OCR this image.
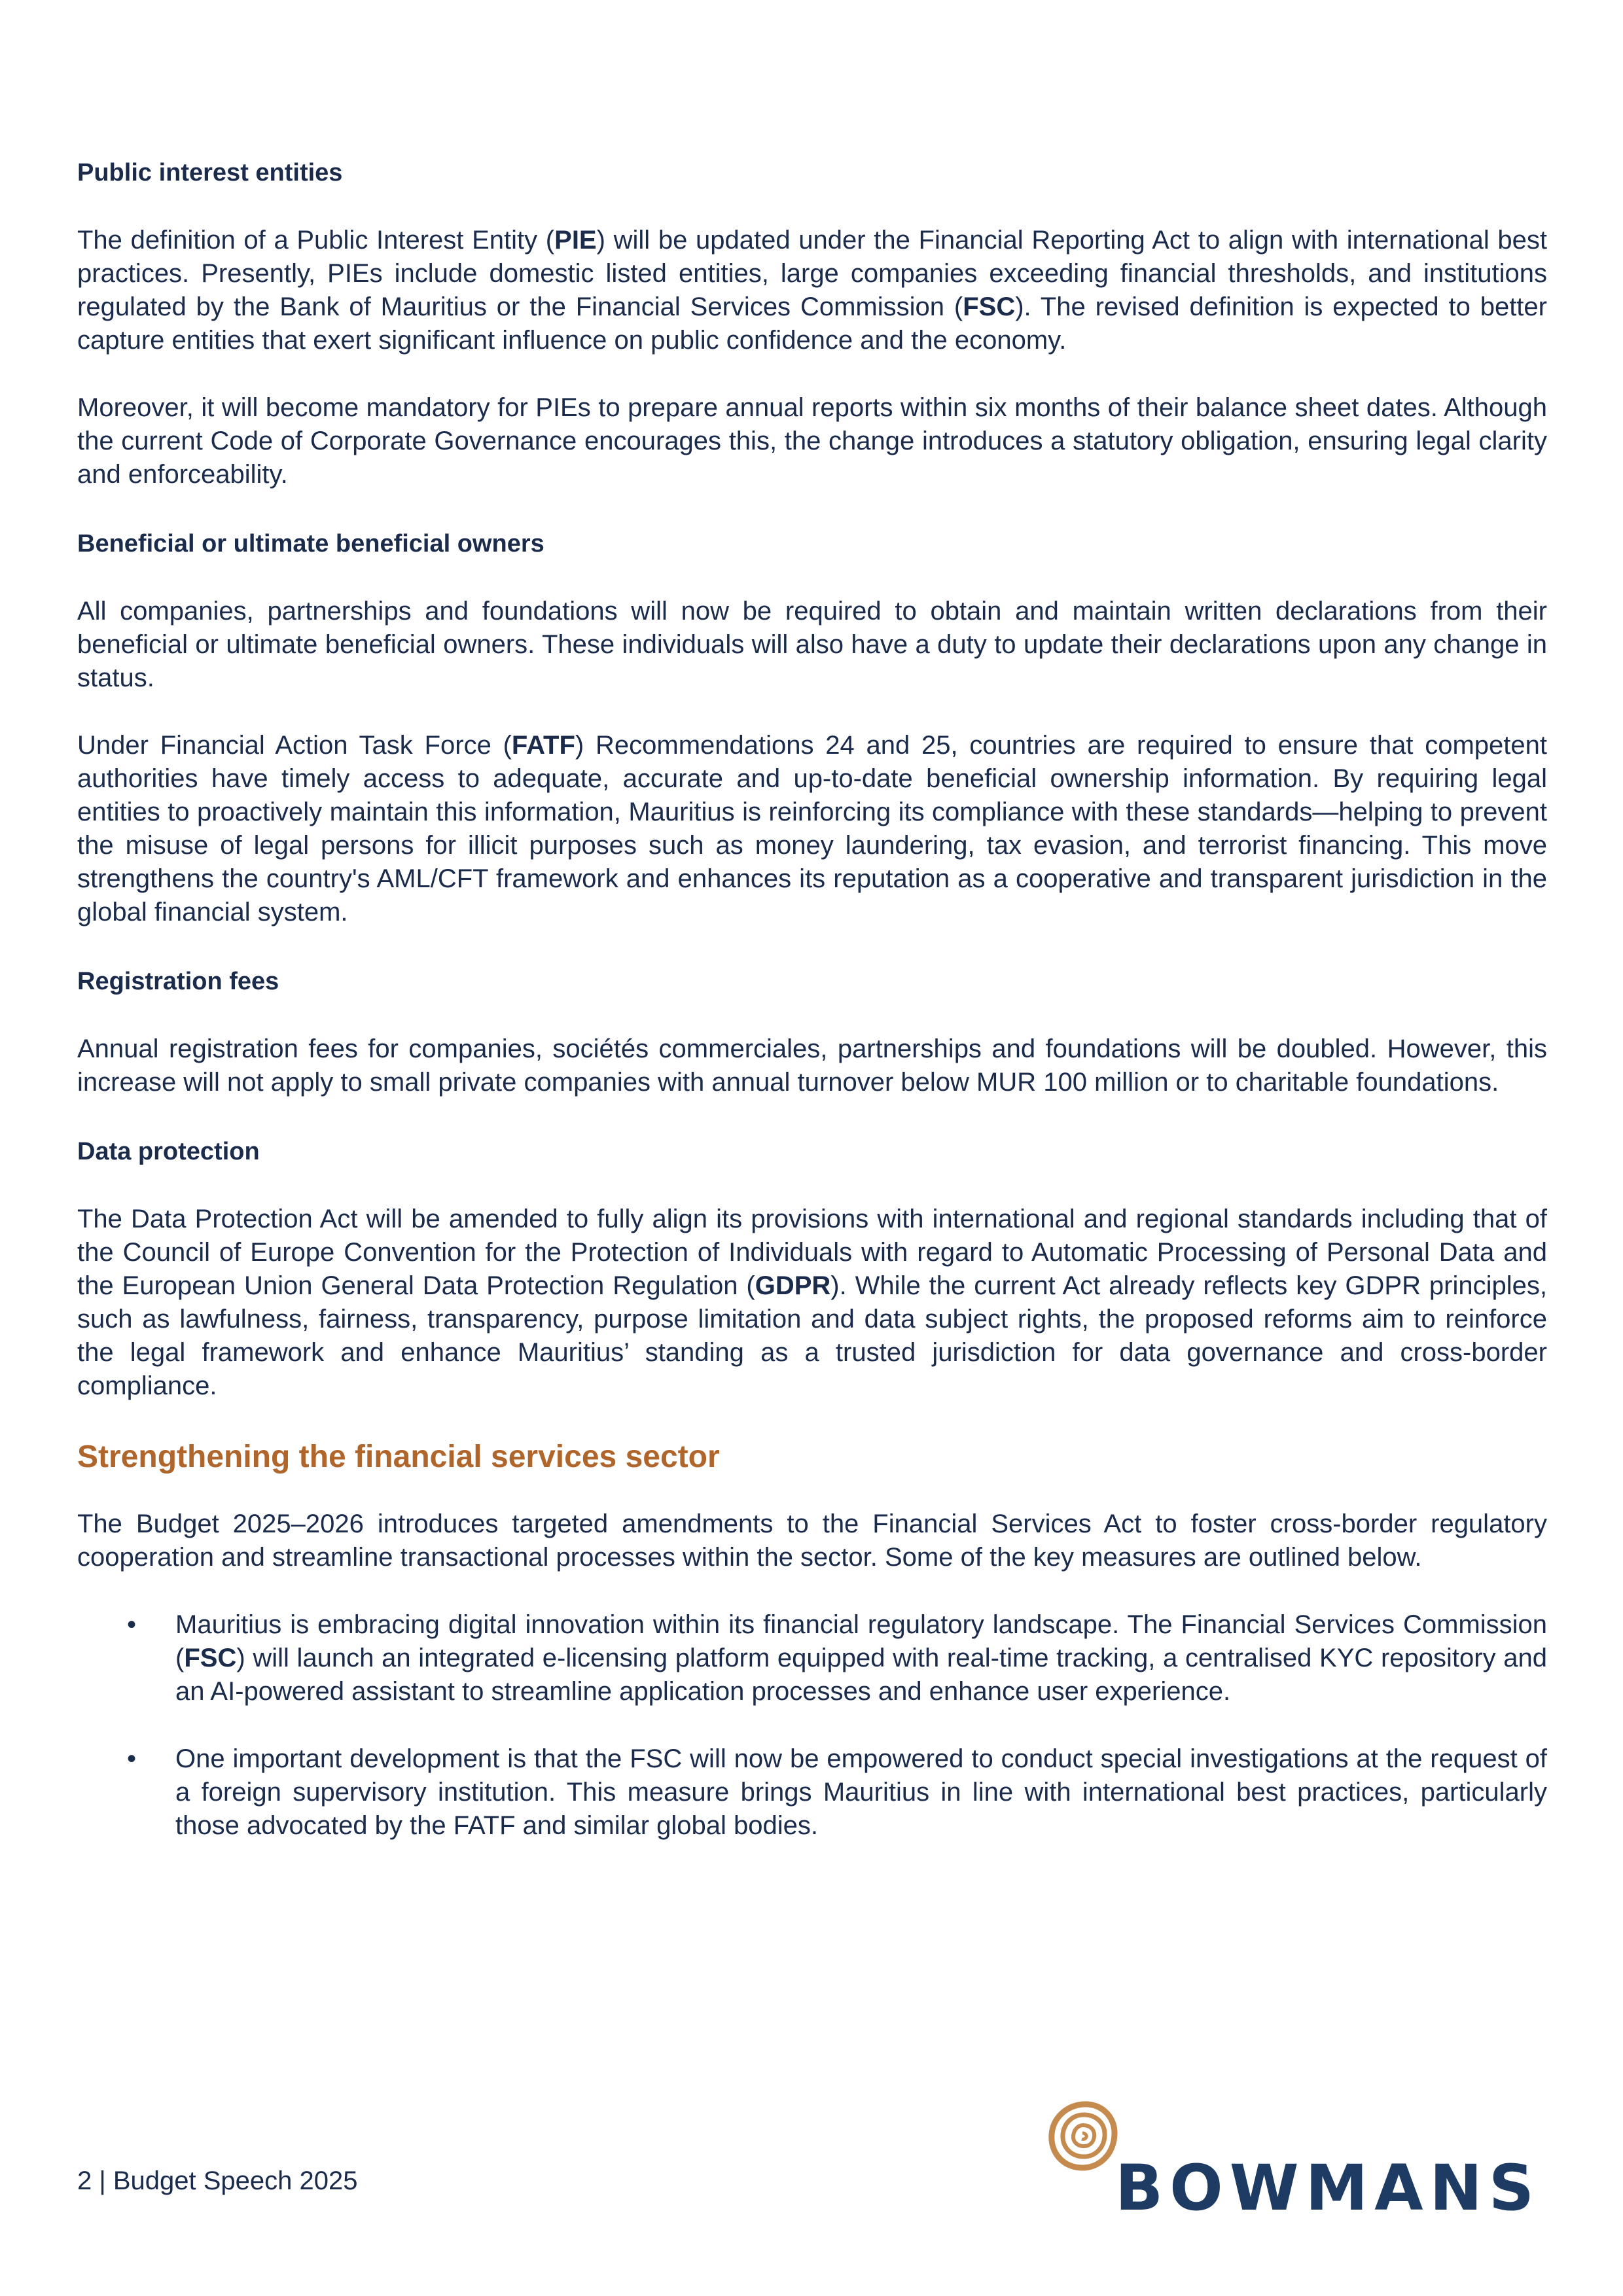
Public interest entities

The definition of a Public Interest Entity (PIE) will be updated under the Financial Reporting Act to align with international best practices. Presently, PIEs include domestic listed entities, large companies exceeding financial thresholds, and institutions regulated by the Bank of Mauritius or the Financial Services Commission (FSC). The revised definition is expected to better capture entities that exert significant influence on public confidence and the economy.

Moreover, it will become mandatory for PIEs to prepare annual reports within six months of their balance sheet dates. Although the current Code of Corporate Governance encourages this, the change introduces a statutory obligation, ensuring legal clarity and enforceability.

Beneficial or ultimate beneficial owners

All companies, partnerships and foundations will now be required to obtain and maintain written declarations from their beneficial or ultimate beneficial owners. These individuals will also have a duty to update their declarations upon any change in status.

Under Financial Action Task Force (FATF) Recommendations 24 and 25, countries are required to ensure that competent authorities have timely access to adequate, accurate and up-to-date beneficial ownership information. By requiring legal entities to proactively maintain this information, Mauritius is reinforcing its compliance with these standards—helping to prevent the misuse of legal persons for illicit purposes such as money laundering, tax evasion, and terrorist financing. This move strengthens the country's AML/CFT framework and enhances its reputation as a cooperative and transparent jurisdiction in the global financial system.

Registration fees

Annual registration fees for companies, sociétés commerciales, partnerships and foundations will be doubled. However, this increase will not apply to small private companies with annual turnover below MUR 100 million or to charitable foundations.

Data protection

The Data Protection Act will be amended to fully align its provisions with international and regional standards including that of the Council of Europe Convention for the Protection of Individuals with regard to Automatic Processing of Personal Data and the European Union General Data Protection Regulation (GDPR). While the current Act already reflects key GDPR principles, such as lawfulness, fairness, transparency, purpose limitation and data subject rights, the proposed reforms aim to reinforce the legal framework and enhance Mauritius’ standing as a trusted jurisdiction for data governance and cross-border compliance.

Strengthening the financial services sector

The Budget 2025–2026 introduces targeted amendments to the Financial Services Act to foster cross-border regulatory cooperation and streamline transactional processes within the sector. Some of the key measures are outlined below.

• Mauritius is embracing digital innovation within its financial regulatory landscape. The Financial Services Commission (FSC) will launch an integrated e-licensing platform equipped with real-time tracking, a centralised KYC repository and an AI-powered assistant to streamline application processes and enhance user experience.
• One important development is that the FSC will now be empowered to conduct special investigations at the request of a foreign supervisory institution. This measure brings Mauritius in line with international best practices, particularly those advocated by the FATF and similar global bodies.
2 | Budget Speech 2025	BOWMANS
